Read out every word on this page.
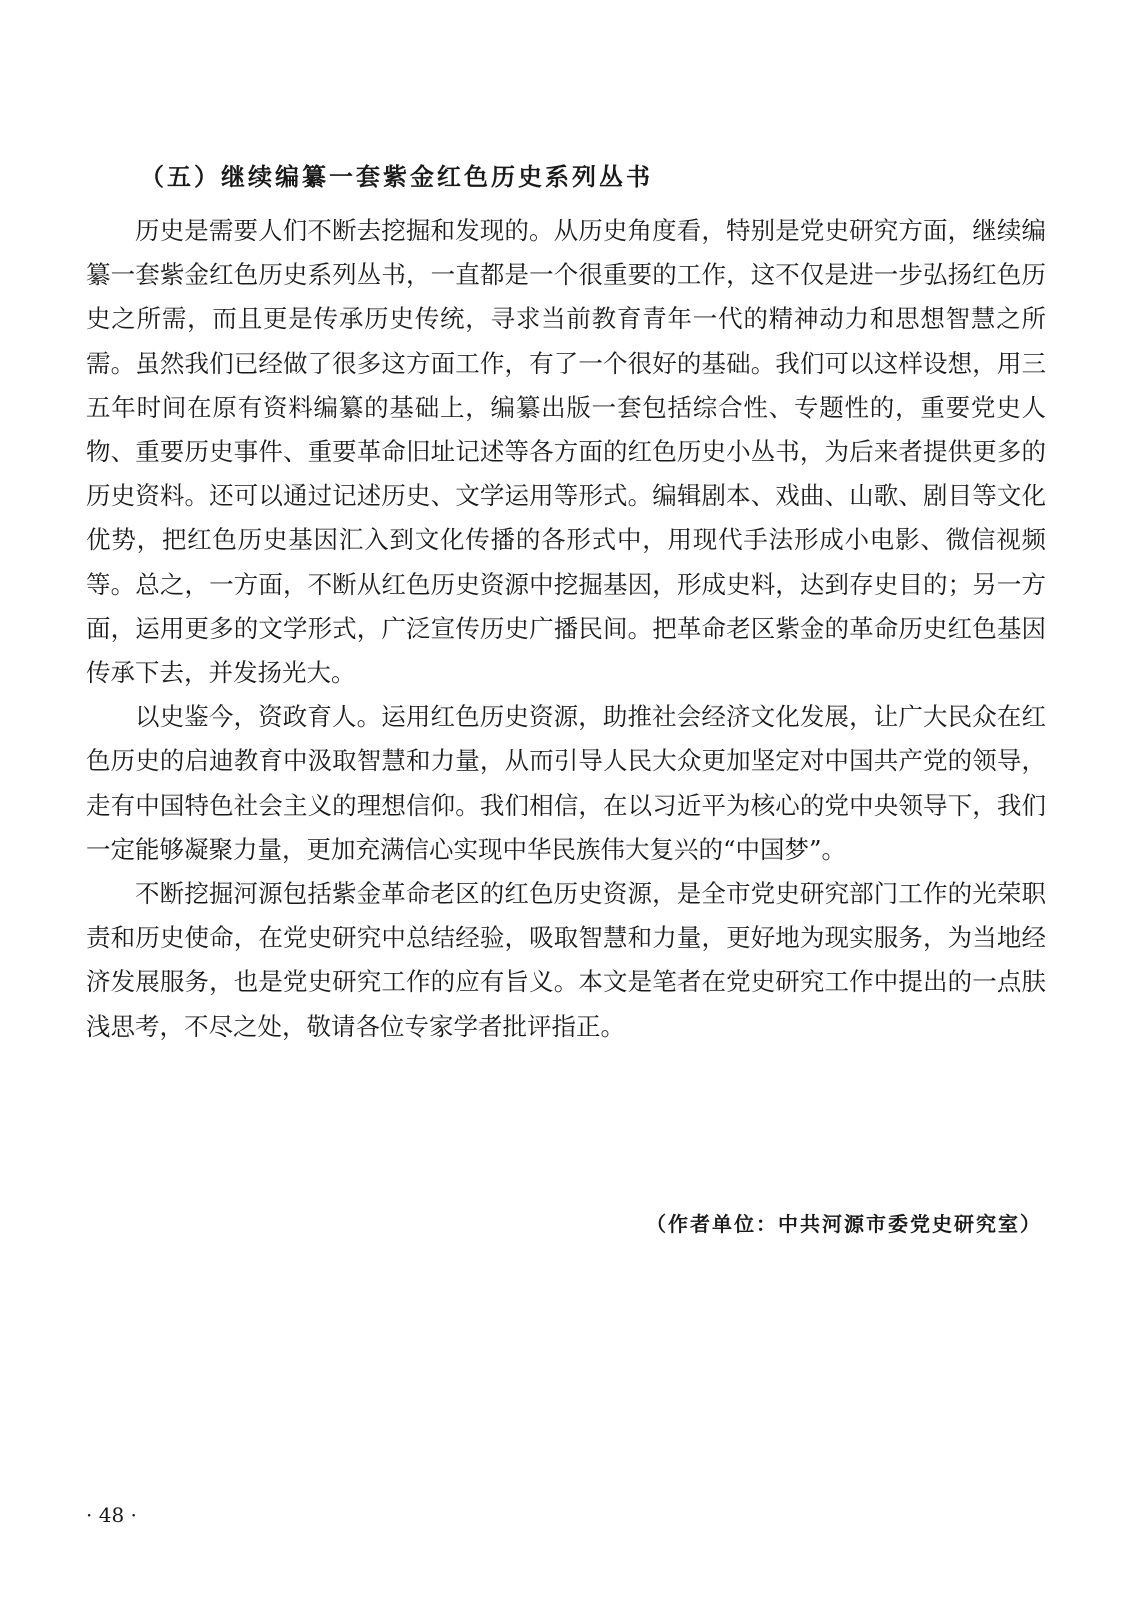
（五）继续编纂一套紫金红色历史系列丛书

历史是需要人们不断去挖掘和发现的。从历史角度看，特别是党史研究方面，继续编纂一套紫金红色历史系列丛书，一直都是一个很重要的工作，这不仅是进一步弘扬红色历史之所需，而且更是传承历史传统，寻求当前教育青年一代的精神动力和思想智慧之所需。虽然我们已经做了很多这方面工作，有了一个很好的基础。我们可以这样设想，用三五年时间在原有资料编纂的基础上，编纂出版一套包括综合性、专题性的，重要党史人物、重要历史事件、重要革命旧址记述等各方面的红色历史小丛书，为后来者提供更多的历史资料。还可以通过记述历史、文学运用等形式。编辑剧本、戏曲、山歌、剧目等文化优势，把红色历史基因汇入到文化传播的各形式中，用现代手法形成小电影、微信视频等。总之，一方面，不断从红色历史资源中挖掘基因，形成史料，达到存史目的；另一方面，运用更多的文学形式，广泛宣传历史广播民间。把革命老区紫金的革命历史红色基因传承下去，并发扬光大。

以史鉴今，资政育人。运用红色历史资源，助推社会经济文化发展，让广大民众在红色历史的启迪教育中汲取智慧和力量，从而引导人民大众更加坚定对中国共产党的领导，走有中国特色社会主义的理想信仰。我们相信，在以习近平为核心的党中央领导下，我们一定能够凝聚力量，更加充满信心实现中华民族伟大复兴的“中国梦”。

不断挖掘河源包括紫金革命老区的红色历史资源，是全市党史研究部门工作的光荣职责和历史使命，在党史研究中总结经验，吸取智慧和力量，更好地为现实服务，为当地经济发展服务，也是党史研究工作的应有旨义。本文是笔者在党史研究工作中提出的一点肤浅思考，不尽之处，敬请各位专家学者批评指正。

（作者单位：中共河源市委党史研究室）
· 48 ·
